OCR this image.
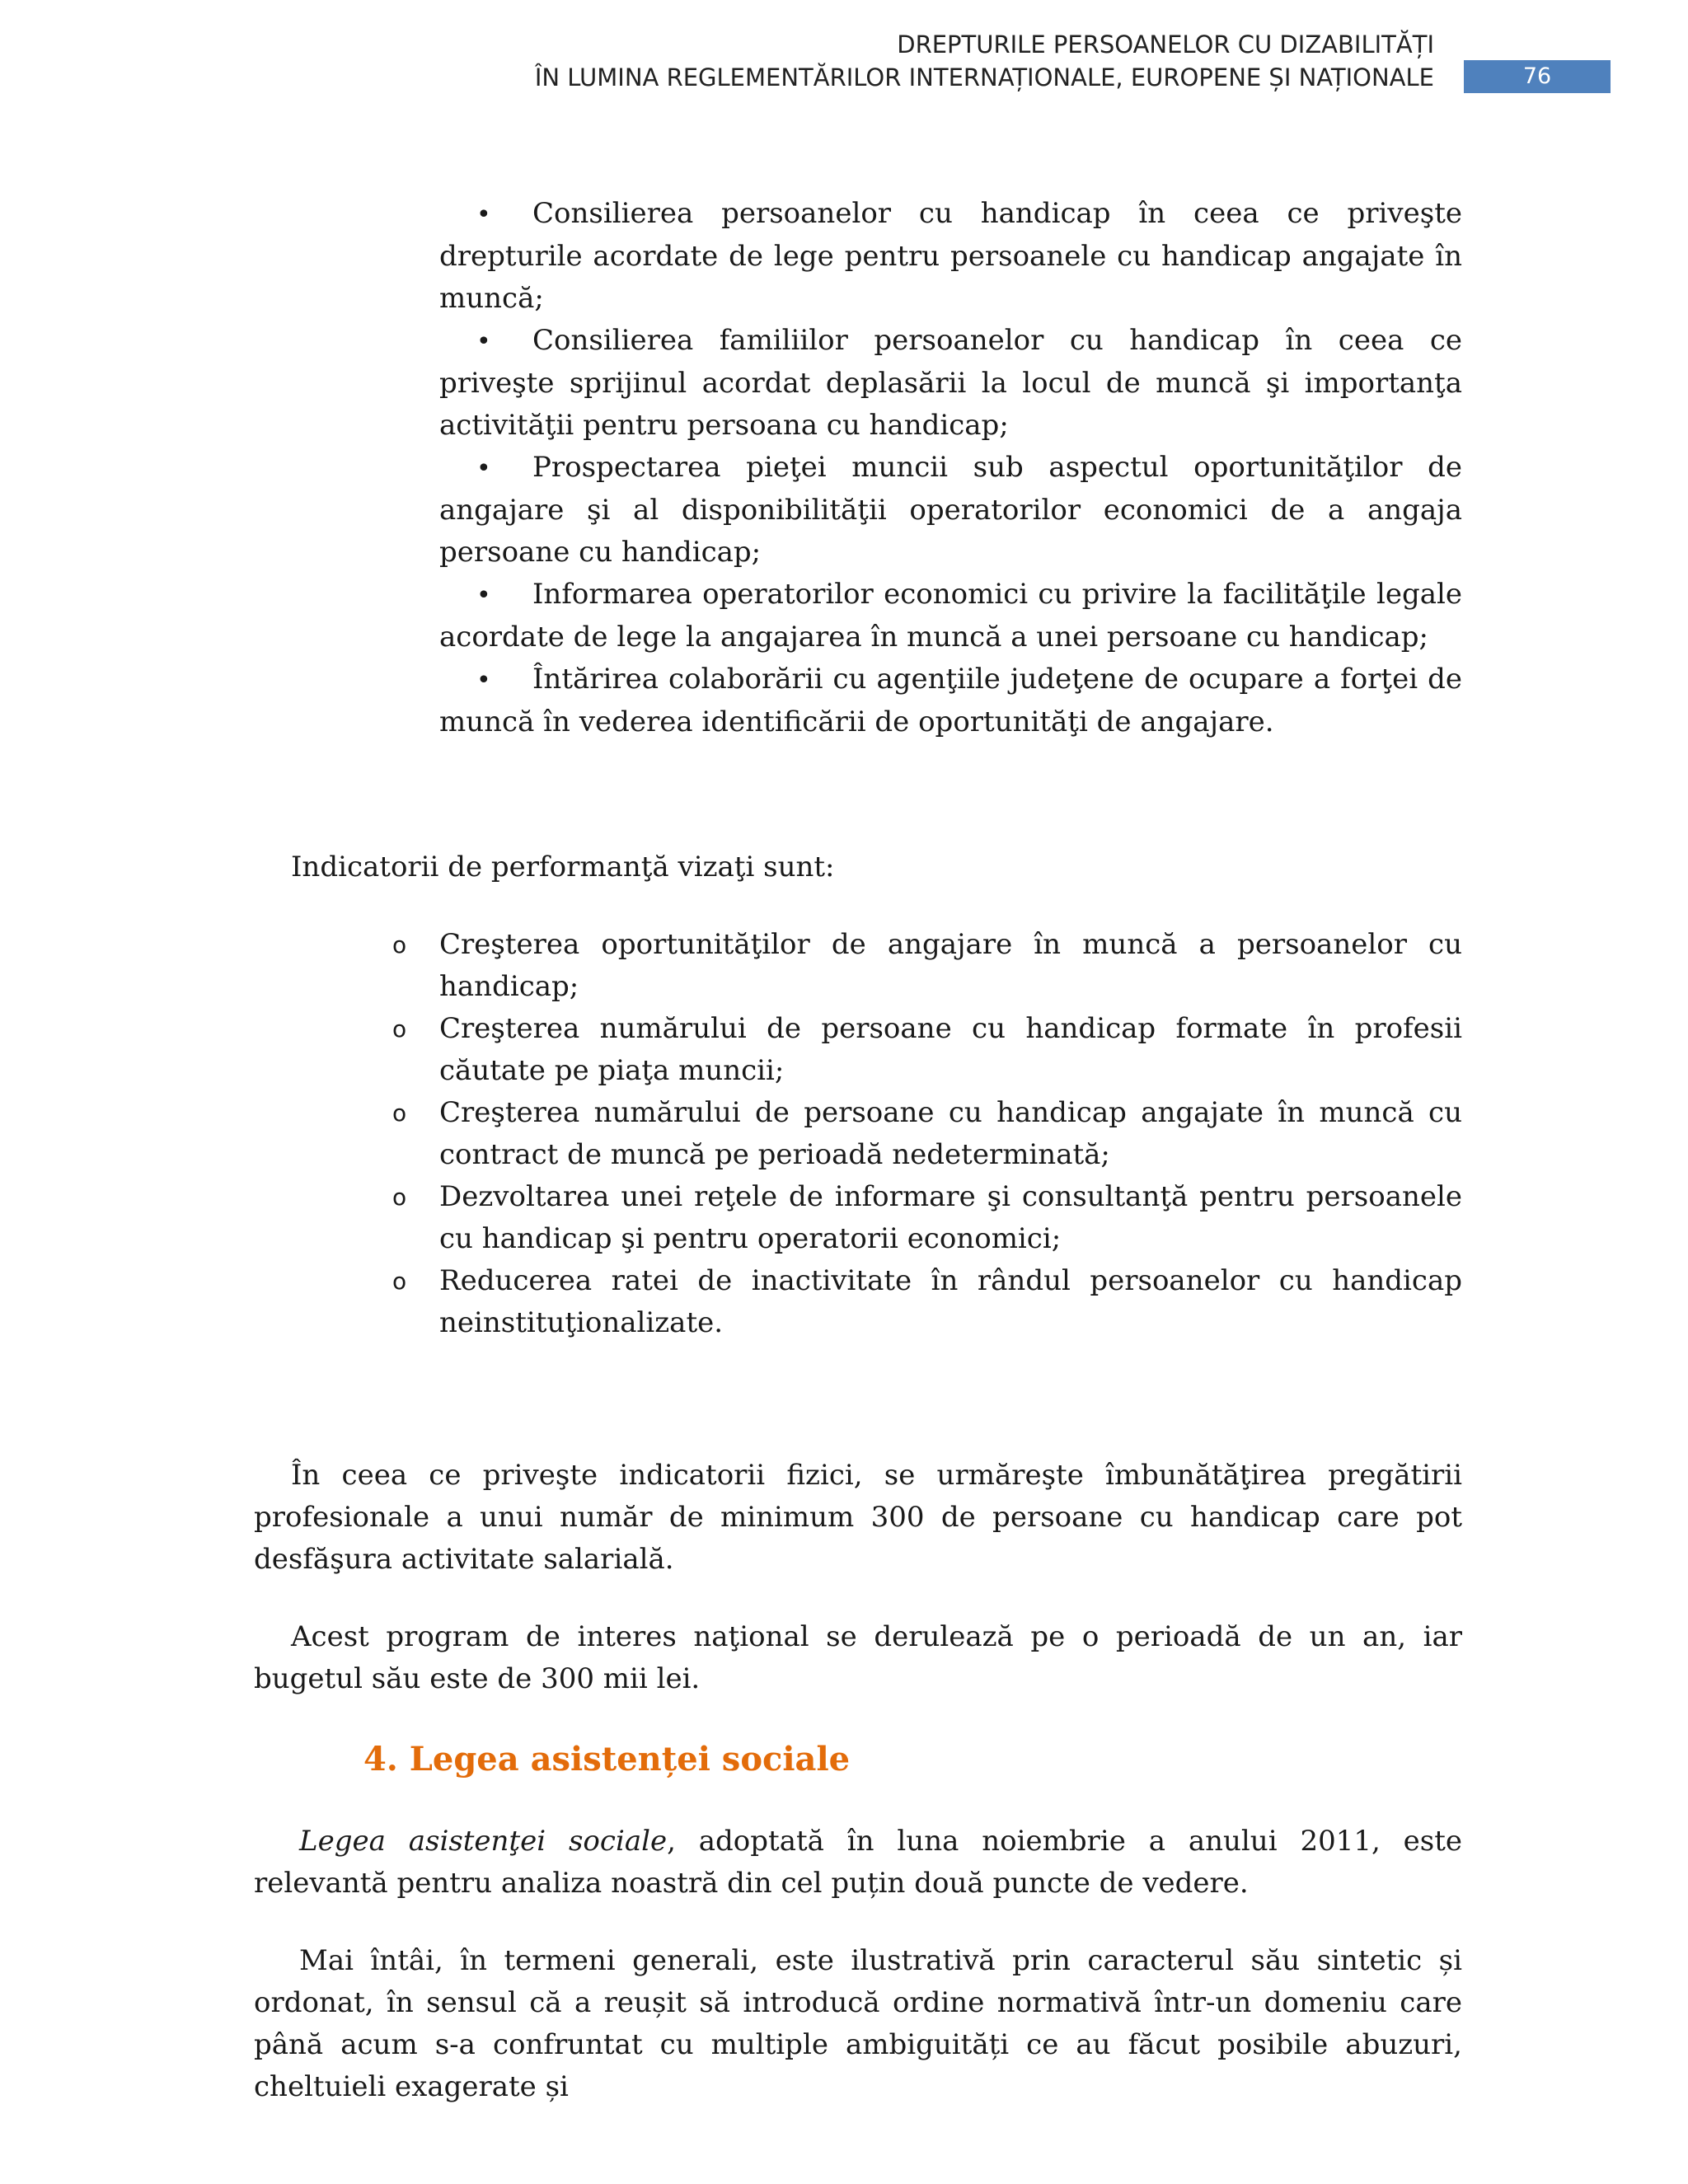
DREPTURILE PERSOANELOR CU DIZABILITĂȚI
ÎN LUMINA REGLEMENTĂRILOR INTERNAȚIONALE, EUROPENE ȘI NAȚIONALE	76
• Consilierea persoanelor cu handicap în ceea ce priveşte drepturile acordate de lege pentru persoanele cu handicap angajate în muncă;
• Consilierea familiilor persoanelor cu handicap în ceea ce priveşte sprijinul acordat deplasării la locul de muncă şi importanţa activităţii pentru persoana cu handicap;
• Prospectarea pieţei muncii sub aspectul oportunităţilor de angajare şi al disponibilităţii operatorilor economici de a angaja persoane cu handicap;
• Informarea operatorilor economici cu privire la facilităţile legale acordate de lege la angajarea în muncă a unei persoane cu handicap;
• Întărirea colaborării cu agenţiile judeţene de ocupare a forţei de muncă în vederea identificării de oportunităţi de angajare.

Indicatorii de performanţă vizaţi sunt:

o Creşterea oportunităţilor de angajare în muncă a persoanelor cu handicap;
o Creşterea numărului de persoane cu handicap formate în profesii căutate pe piaţa muncii;
o Creşterea numărului de persoane cu handicap angajate în muncă cu contract de muncă pe perioadă nedeterminată;
o Dezvoltarea unei reţele de informare şi consultanţă pentru persoanele cu handicap şi pentru operatorii economici;
o Reducerea ratei de inactivitate în rândul persoanelor cu handicap neinstituţionalizate.

În ceea ce priveşte indicatorii fizici, se urmăreşte îmbunătăţirea pregătirii profesionale a unui număr de minimum 300 de persoane cu handicap care pot desfăşura activitate salarială.

Acest program de interes naţional se derulează pe o perioadă de un an, iar bugetul său este de 300 mii lei.

4. Legea asistenței sociale

Legea asistenţei sociale, adoptată în luna noiembrie a anului 2011, este relevantă pentru analiza noastră din cel puțin două puncte de vedere.

Mai întâi, în termeni generali, este ilustrativă prin caracterul său sintetic și ordonat, în sensul că a reușit să introducă ordine normativă într-un domeniu care până acum s-a confruntat cu multiple ambiguități ce au făcut posibile abuzuri, cheltuieli exagerate și
